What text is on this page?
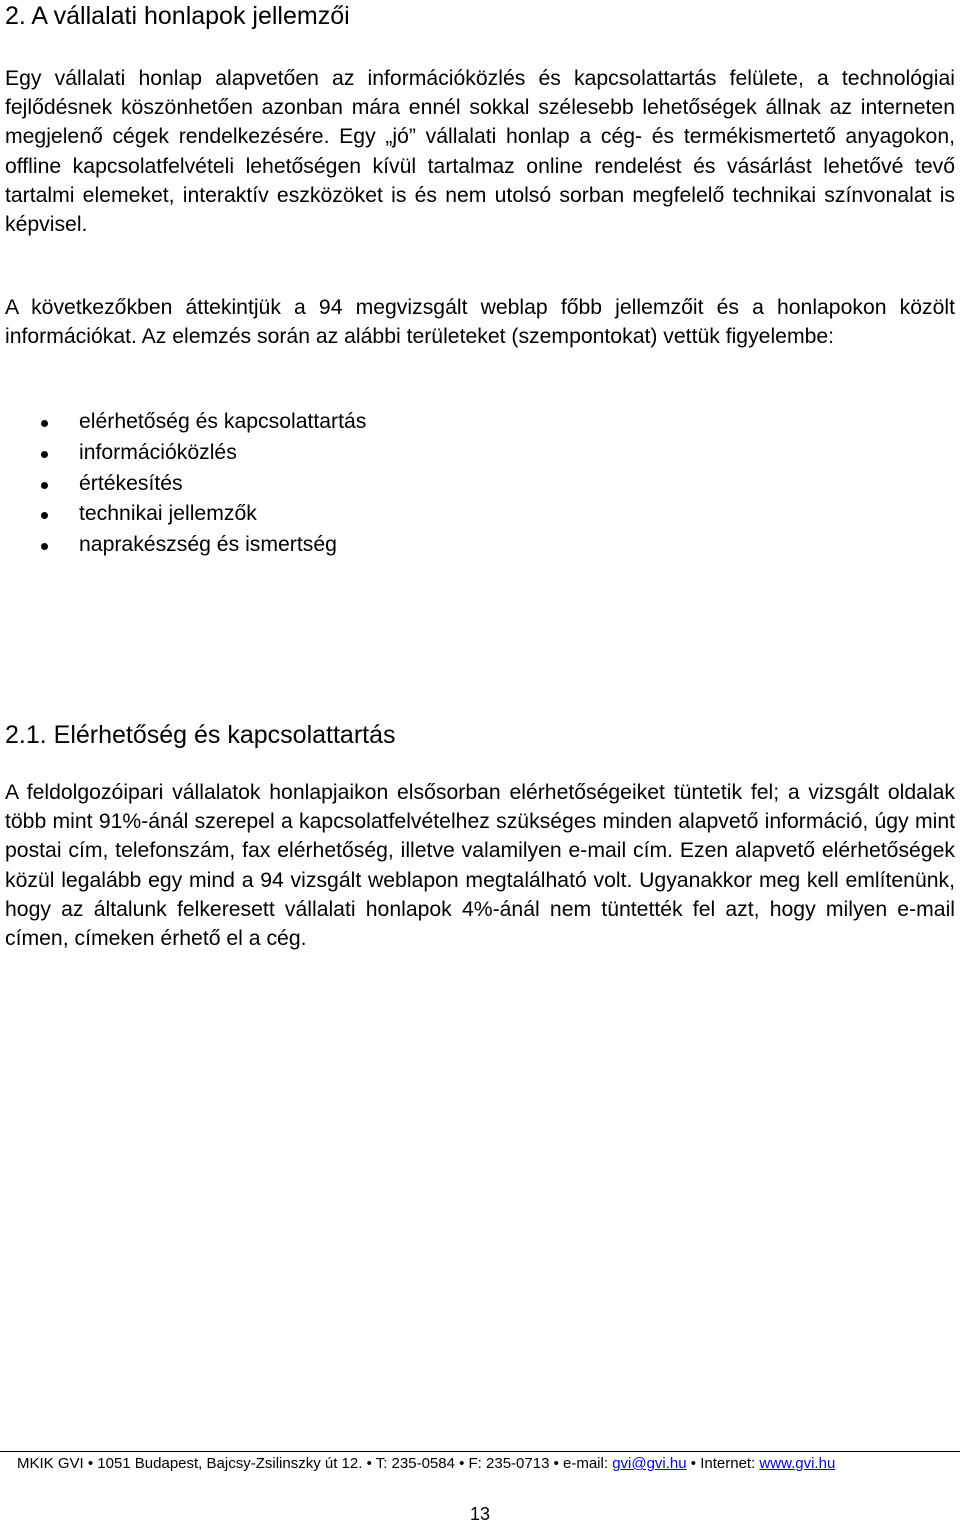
2. A vállalati honlapok jellemzői

Egy vállalati honlap alapvetően az információközlés és kapcsolattartás felülete, a technológiai fejlődésnek köszönhetően azonban mára ennél sokkal szélesebb lehetőségek állnak az interneten megjelenő cégek rendelkezésére. Egy „jó” vállalati honlap a cég- és termékismertető anyagokon, offline kapcsolatfelvételi lehetőségen kívül tartalmaz online rendelést és vásárlást lehetővé tevő tartalmi elemeket, interaktív eszközöket is és nem utolsó sorban megfelelő technikai színvonalat is képvisel.

A következőkben áttekintjük a 94 megvizsgált weblap főbb jellemzőit és a honlapokon közölt információkat. Az elemzés során az alábbi területeket (szempontokat) vettük figyelembe:

elérhetőség és kapcsolattartás
információközlés
értékesítés
technikai jellemzők
naprakészség és ismertség
2.1. Elérhetőség és kapcsolattartás

A feldolgozóipari vállalatok honlapjaikon elsősorban elérhetőségeiket tüntetik fel; a vizsgált oldalak több mint 91%-ánál szerepel a kapcsolatfelvételhez szükséges minden alapvető információ, úgy mint postai cím, telefonszám, fax elérhetőség, illetve valamilyen e-mail cím. Ezen alapvető elérhetőségek közül legalább egy mind a 94 vizsgált weblapon megtalálható volt. Ugyanakkor meg kell említenünk, hogy az általunk felkeresett vállalati honlapok 4%-ánál nem tüntették fel azt, hogy milyen e-mail címen, címeken érhető el a cég.

MKIK GVI • 1051 Budapest, Bajcsy-Zsilinszky út 12. • T: 235-0584 • F: 235-0713 • e-mail: gvi@gvi.hu • Internet: www.gvi.hu
13
